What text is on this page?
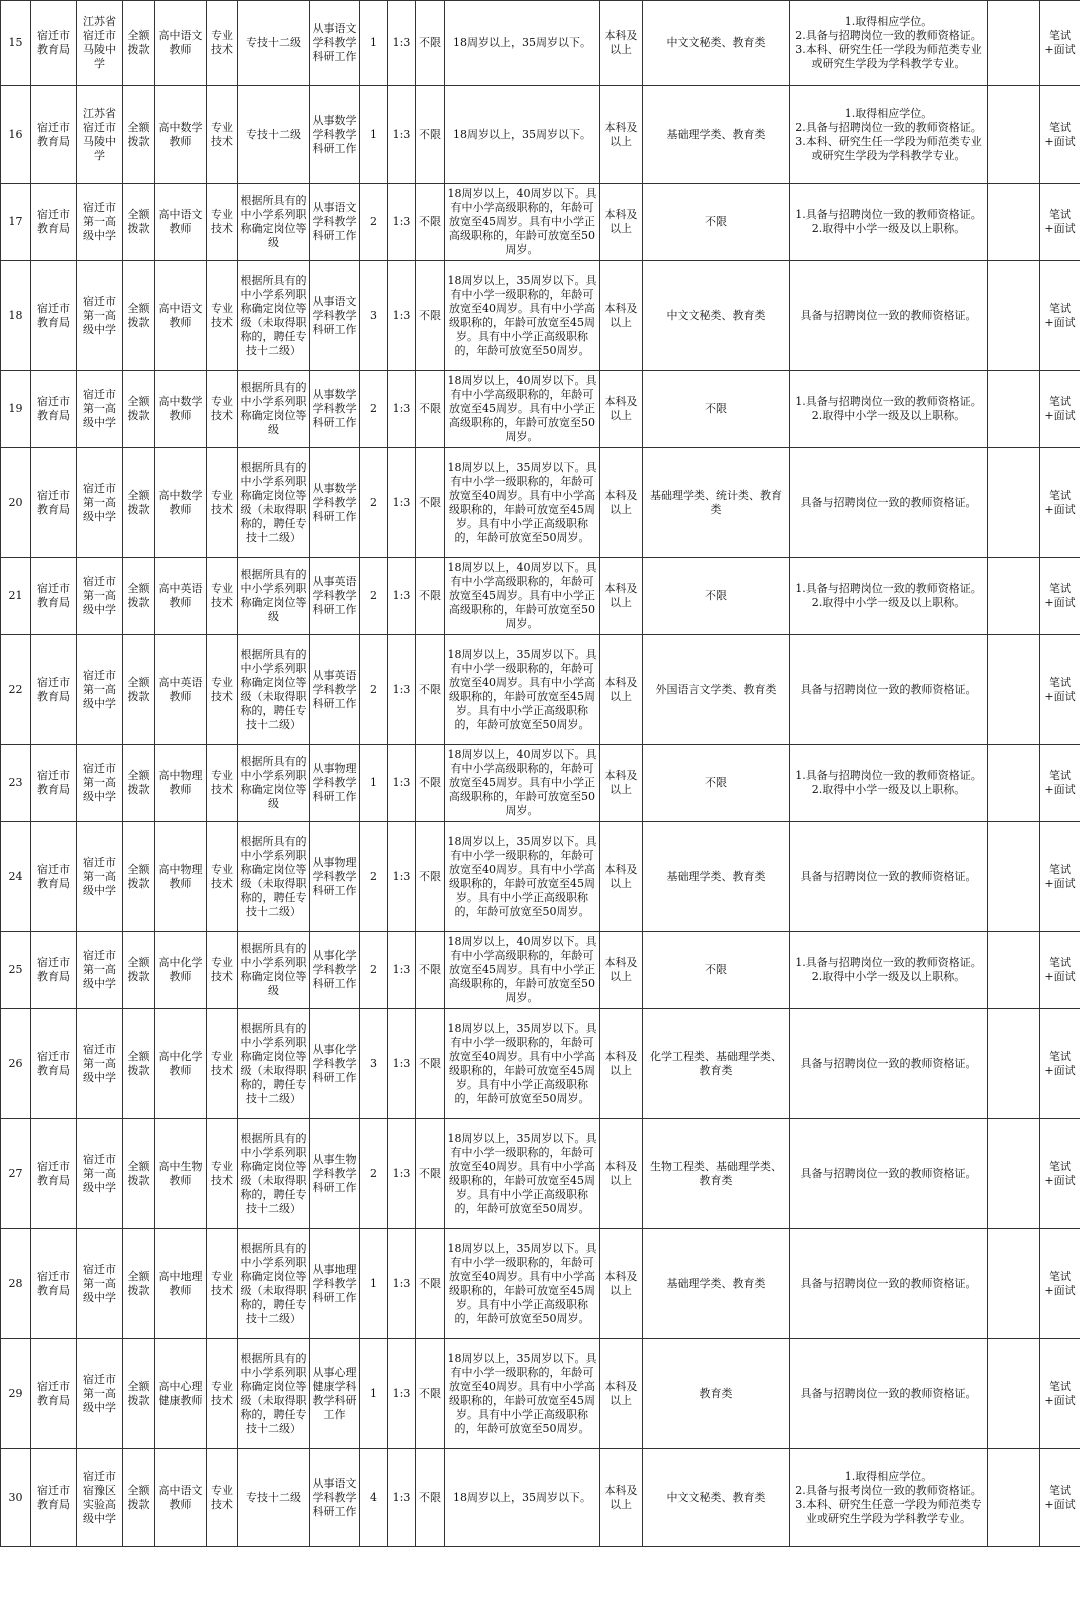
15	宿迁市教育局	江苏省宿迁市马陵中学	全额拨款	高中语文教师	专业技术	专技十二级	从事语文学科教学科研工作	1	1:3	不限	18周岁以上，35周岁以下。	本科及以上	中文文秘类、教育类	1.取得相应学位。
2.具备与招聘岗位一致的教师资格证。
3.本科、研究生任一学段为师范类专业或研究生学段为学科教学专业。		笔试+面试
16	宿迁市教育局	江苏省宿迁市马陵中学	全额拨款	高中数学教师	专业技术	专技十二级	从事数学学科教学科研工作	1	1:3	不限	18周岁以上，35周岁以下。	本科及以上	基础理学类、教育类	1.取得相应学位。
2.具备与招聘岗位一致的教师资格证。
3.本科、研究生任一学段为师范类专业或研究生学段为学科教学专业。		笔试+面试
17	宿迁市教育局	宿迁市第一高级中学	全额拨款	高中语文教师	专业技术	根据所具有的中小学系列职称确定岗位等级	从事语文学科教学科研工作	2	1:3	不限	18周岁以上，40周岁以下。具有中小学高级职称的，年龄可放宽至45周岁。具有中小学正高级职称的，年龄可放宽至50周岁。	本科及以上	不限	1.具备与招聘岗位一致的教师资格证。
2.取得中小学一级及以上职称。		笔试+面试
18	宿迁市教育局	宿迁市第一高级中学	全额拨款	高中语文教师	专业技术	根据所具有的中小学系列职称确定岗位等级（未取得职称的，聘任专技十二级）	从事语文学科教学科研工作	3	1:3	不限	18周岁以上，35周岁以下。具有中小学一级职称的，年龄可放宽至40周岁。具有中小学高级职称的，年龄可放宽至45周岁。具有中小学正高级职称的，年龄可放宽至50周岁。	本科及以上	中文文秘类、教育类	具备与招聘岗位一致的教师资格证。		笔试+面试
19	宿迁市教育局	宿迁市第一高级中学	全额拨款	高中数学教师	专业技术	根据所具有的中小学系列职称确定岗位等级	从事数学学科教学科研工作	2	1:3	不限	18周岁以上，40周岁以下。具有中小学高级职称的，年龄可放宽至45周岁。具有中小学正高级职称的，年龄可放宽至50周岁。	本科及以上	不限	1.具备与招聘岗位一致的教师资格证。
2.取得中小学一级及以上职称。		笔试+面试
20	宿迁市教育局	宿迁市第一高级中学	全额拨款	高中数学教师	专业技术	根据所具有的中小学系列职称确定岗位等级（未取得职称的，聘任专技十二级）	从事数学学科教学科研工作	2	1:3	不限	18周岁以上，35周岁以下。具有中小学一级职称的，年龄可放宽至40周岁。具有中小学高级职称的，年龄可放宽至45周岁。具有中小学正高级职称的，年龄可放宽至50周岁。	本科及以上	基础理学类、统计类、教育类	具备与招聘岗位一致的教师资格证。		笔试+面试
21	宿迁市教育局	宿迁市第一高级中学	全额拨款	高中英语教师	专业技术	根据所具有的中小学系列职称确定岗位等级	从事英语学科教学科研工作	2	1:3	不限	18周岁以上，40周岁以下。具有中小学高级职称的，年龄可放宽至45周岁。具有中小学正高级职称的，年龄可放宽至50周岁。	本科及以上	不限	1.具备与招聘岗位一致的教师资格证。
2.取得中小学一级及以上职称。		笔试+面试
22	宿迁市教育局	宿迁市第一高级中学	全额拨款	高中英语教师	专业技术	根据所具有的中小学系列职称确定岗位等级（未取得职称的，聘任专技十二级）	从事英语学科教学科研工作	2	1:3	不限	18周岁以上，35周岁以下。具有中小学一级职称的，年龄可放宽至40周岁。具有中小学高级职称的，年龄可放宽至45周岁。具有中小学正高级职称的，年龄可放宽至50周岁。	本科及以上	外国语言文学类、教育类	具备与招聘岗位一致的教师资格证。		笔试+面试
23	宿迁市教育局	宿迁市第一高级中学	全额拨款	高中物理教师	专业技术	根据所具有的中小学系列职称确定岗位等级	从事物理学科教学科研工作	1	1:3	不限	18周岁以上，40周岁以下。具有中小学高级职称的，年龄可放宽至45周岁。具有中小学正高级职称的，年龄可放宽至50周岁。	本科及以上	不限	1.具备与招聘岗位一致的教师资格证。
2.取得中小学一级及以上职称。		笔试+面试
24	宿迁市教育局	宿迁市第一高级中学	全额拨款	高中物理教师	专业技术	根据所具有的中小学系列职称确定岗位等级（未取得职称的，聘任专技十二级）	从事物理学科教学科研工作	2	1:3	不限	18周岁以上，35周岁以下。具有中小学一级职称的，年龄可放宽至40周岁。具有中小学高级职称的，年龄可放宽至45周岁。具有中小学正高级职称的，年龄可放宽至50周岁。	本科及以上	基础理学类、教育类	具备与招聘岗位一致的教师资格证。		笔试+面试
25	宿迁市教育局	宿迁市第一高级中学	全额拨款	高中化学教师	专业技术	根据所具有的中小学系列职称确定岗位等级	从事化学学科教学科研工作	2	1:3	不限	18周岁以上，40周岁以下。具有中小学高级职称的，年龄可放宽至45周岁。具有中小学正高级职称的，年龄可放宽至50周岁。	本科及以上	不限	1.具备与招聘岗位一致的教师资格证。
2.取得中小学一级及以上职称。		笔试+面试
26	宿迁市教育局	宿迁市第一高级中学	全额拨款	高中化学教师	专业技术	根据所具有的中小学系列职称确定岗位等级（未取得职称的，聘任专技十二级）	从事化学学科教学科研工作	3	1:3	不限	18周岁以上，35周岁以下。具有中小学一级职称的，年龄可放宽至40周岁。具有中小学高级职称的，年龄可放宽至45周岁。具有中小学正高级职称的，年龄可放宽至50周岁。	本科及以上	化学工程类、基础理学类、教育类	具备与招聘岗位一致的教师资格证。		笔试+面试
27	宿迁市教育局	宿迁市第一高级中学	全额拨款	高中生物教师	专业技术	根据所具有的中小学系列职称确定岗位等级（未取得职称的，聘任专技十二级）	从事生物学科教学科研工作	2	1:3	不限	18周岁以上，35周岁以下。具有中小学一级职称的，年龄可放宽至40周岁。具有中小学高级职称的，年龄可放宽至45周岁。具有中小学正高级职称的，年龄可放宽至50周岁。	本科及以上	生物工程类、基础理学类、教育类	具备与招聘岗位一致的教师资格证。		笔试+面试
28	宿迁市教育局	宿迁市第一高级中学	全额拨款	高中地理教师	专业技术	根据所具有的中小学系列职称确定岗位等级（未取得职称的，聘任专技十二级）	从事地理学科教学科研工作	1	1:3	不限	18周岁以上，35周岁以下。具有中小学一级职称的，年龄可放宽至40周岁。具有中小学高级职称的，年龄可放宽至45周岁。具有中小学正高级职称的，年龄可放宽至50周岁。	本科及以上	基础理学类、教育类	具备与招聘岗位一致的教师资格证。		笔试+面试
29	宿迁市教育局	宿迁市第一高级中学	全额拨款	高中心理健康教师	专业技术	根据所具有的中小学系列职称确定岗位等级（未取得职称的，聘任专技十二级）	从事心理健康学科教学科研工作	1	1:3	不限	18周岁以上，35周岁以下。具有中小学一级职称的，年龄可放宽至40周岁。具有中小学高级职称的，年龄可放宽至45周岁。具有中小学正高级职称的，年龄可放宽至50周岁。	本科及以上	教育类	具备与招聘岗位一致的教师资格证。		笔试+面试
30	宿迁市教育局	宿迁市宿豫区实验高级中学	全额拨款	高中语文教师	专业技术	专技十二级	从事语文学科教学科研工作	4	1:3	不限	18周岁以上，35周岁以下。	本科及以上	中文文秘类、教育类	1.取得相应学位。
2.具备与报考岗位一致的教师资格证。
3.本科、研究生任意一学段为师范类专业或研究生学段为学科教学专业。		笔试+面试
